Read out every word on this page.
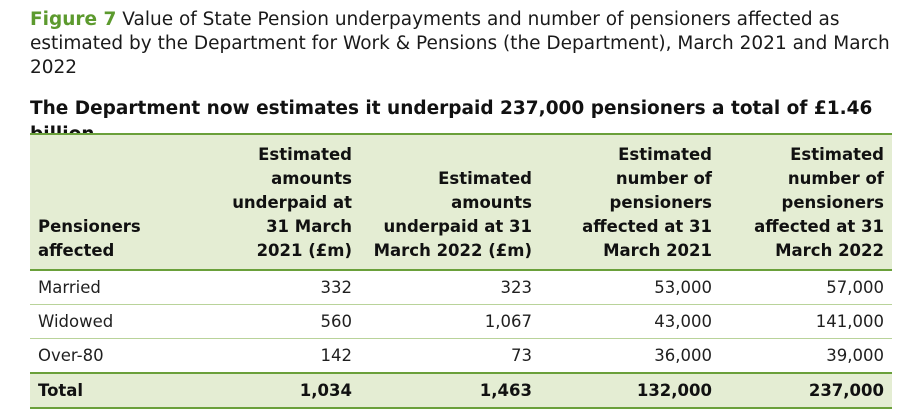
Figure 7 Value of State Pension underpayments and number of pensioners affected as estimated by the Department for Work & Pensions (the Department), March 2021 and March 2022
The Department now estimates it underpaid 237,000 pensioners a total of £1.46 billion
Pensioners affected	Estimated amounts underpaid at 31 March 2021 (£m)	Estimated amounts underpaid at 31 March 2022 (£m)	Estimated number of pensioners affected at 31 March 2021	Estimated number of pensioners affected at 31 March 2022
Married	332	323	53,000	57,000
Widowed	560	1,067	43,000	141,000
Over-80	142	73	36,000	39,000
Total	1,034	1,463	132,000	237,000
